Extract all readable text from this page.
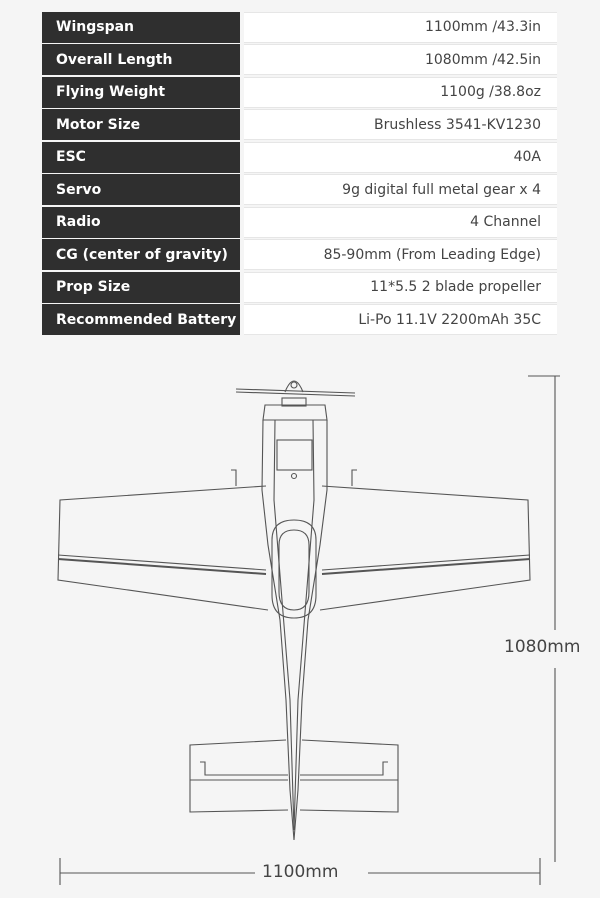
Wingspan	1100mm /43.3in
Overall Length	1080mm /42.5in
Flying Weight	1100g /38.8oz
Motor Size	Brushless 3541-KV1230
ESC	40A
Servo	9g digital full metal gear x 4
Radio	4 Channel
CG (center of gravity)	85-90mm (From Leading Edge)
Prop Size	11*5.5 2 blade propeller
Recommended Battery	Li-Po 11.1V 2200mAh 35C
1080mm
1100mm
